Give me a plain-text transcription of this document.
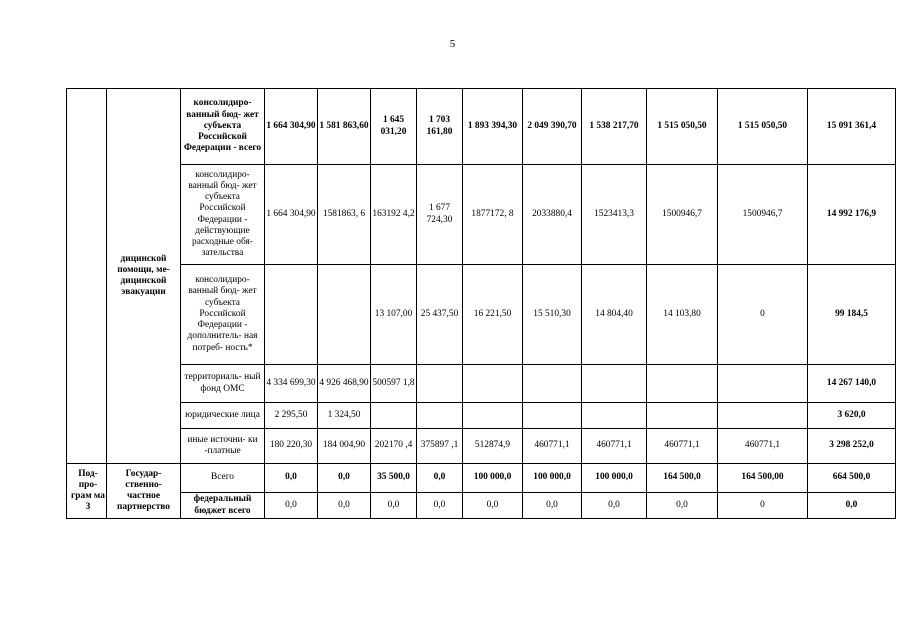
5
	дицинской помощи, ме- дицинской эвакуации	консолидиро- ванный бюд- жет субъекта Российской Федерации - всего	1 664 304,90	1 581 863,60	1 645 031,20	1 703 161,80	1 893 394,30	2 049 390,70	1 538 217,70	1 515 050,50	1 515 050,50	15 091 361,4
		консолидиро- ванный бюд- жет субъекта Российской Федерации - действующие расходные обя- зательства	1 664 304,90	1581863, 6	163192 4,2	1 677 724,30	1877172, 8	2033880,4	1523413,3	1500946,7	1500946,7	14 992 176,9
		консолидиро- ванный бюд- жет субъекта Российской Федерации - дополнитель- ная потреб- ность*			13 107,00	25 437,50	16 221,50	15 510,30	14 804,40	14 103,80	0	99 184,5
		территориаль- ный фонд ОМС	4 334 699,30	4 926 468,90	500597 1,8							14 267 140,0
		юридические лица	2 295,50	1 324,50								3 620,0
		иные источни- ки -платные	180 220,30	184 004,90	202170 ,4	375897 ,1	512874,9	460771,1	460771,1	460771,1	460771,1	3 298 252,0
Под- про- грам ма 3	Государ- ственно- частное партнерство	Всего	0,0	0,0	35 500,0	0,0	100 000,0	100 000,0	100 000,0	164 500,0	164 500,00	664 500,0
		федеральный бюджет всего	0,0	0,0	0,0	0,0	0,0	0,0	0,0	0,0	0	0,0
